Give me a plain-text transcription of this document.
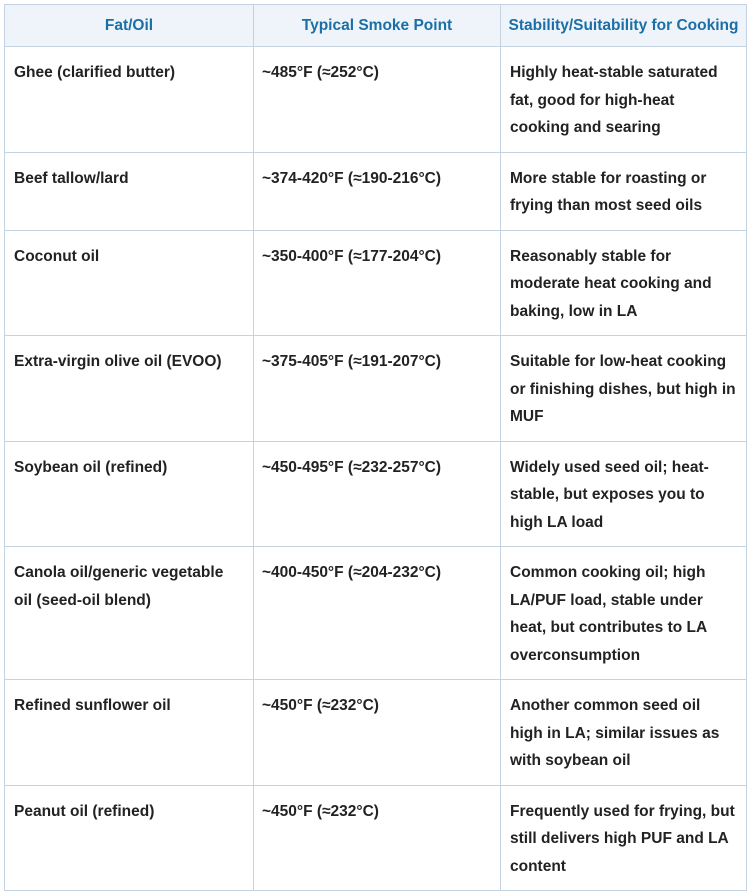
Fat/Oil	Typical Smoke Point	Stability/Suitability for Cooking
Ghee (clarified butter)	~485°F (≈252°C)	Highly heat-stable saturated fat, good for high-heat cooking and searing
Beef tallow/lard	~374-420°F (≈190-216°C)	More stable for roasting or frying than most seed oils
Coconut oil	~350-400°F (≈177-204°C)	Reasonably stable for moderate heat cooking and baking, low in LA
Extra-virgin olive oil (EVOO)	~375-405°F (≈191-207°C)	Suitable for low-heat cooking or finishing dishes, but high in MUF
Soybean oil (refined)	~450-495°F (≈232-257°C)	Widely used seed oil; heat-stable, but exposes you to high LA load
Canola oil/generic vegetable oil (seed-oil blend)	~400-450°F (≈204-232°C)	Common cooking oil; high LA/PUF load, stable under heat, but contributes to LA overconsumption
Refined sunflower oil	~450°F (≈232°C)	Another common seed oil high in LA; similar issues as with soybean oil
Peanut oil (refined)	~450°F (≈232°C)	Frequently used for frying, but still delivers high PUF and LA content
